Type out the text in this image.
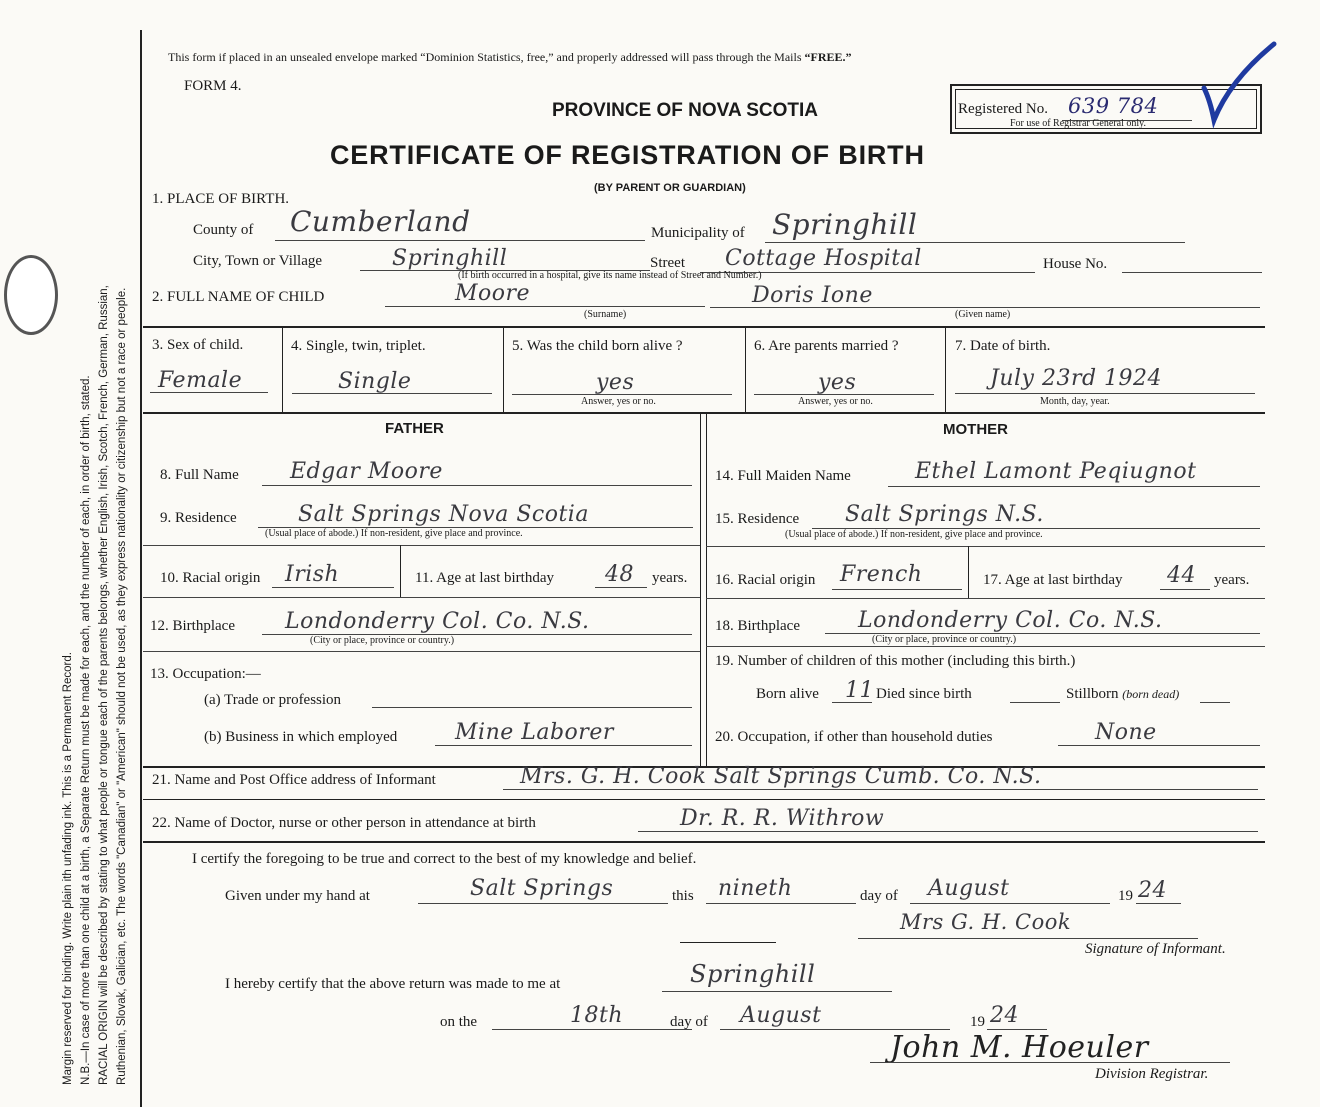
Margin reserved for binding. Write plain ith unfading ink. This is a Permanent Record. N.B.—In case of more than one child at a birth, a Separate Return must be made for each, and the number of each, in order of birth, stated. RACIAL ORIGIN will be described by stating to what people or tongue each of the parents belongs, whether English, Irish, Scotch, French, German, Russian, Ruthenian, Slovak, Galician, etc. The words "Canadian" or "American" should not be used, as they express nationality or citizenship but not a race or people.
This form if placed in an unsealed envelope marked “Dominion Statistics, free,” and properly addressed will pass through the Mails “FREE.”
FORM 4.
PROVINCE OF NOVA SCOTIA
CERTIFICATE OF REGISTRATION OF BIRTH
(BY PARENT OR GUARDIAN)
Registered No. 639 784
For use of Registrar General only.
1. PLACE OF BIRTH.
County of Cumberland	Municipality of Springhill
City, Town or Village	Springhill	Street Cottage Hospital	House No.
(If birth occurred in a hospital, give its name instead of Street and Number.)
2. FULL NAME OF CHILD	Moore	Doris Ione
(Surname)	(Given name)
3. Sex of child.
Female
4. Single, twin, triplet.
Single
5. Was the child born alive ?
yes
Answer, yes or no.
6. Are parents married ?
yes
Answer, yes or no.
7. Date of birth.
July 23rd 1924
Month, day, year.
FATHER	MOTHER
8. Full Name Edgar Moore
9. Residence	Salt Springs Nova Scotia
(Usual place of abode.) If non-resident, give place and province.
10. Racial origin Irish	11. Age at last birthday 48 years.
12. Birthplace Londonderry Col. Co. N.S.
(City or place, province or country.)
13. Occupation:—
(a) Trade or profession
(b) Business in which employed	Mine Laborer
14. Full Maiden Name	Ethel Lamont Peqiugnot
15. Residence Salt Springs N.S.
(Usual place of abode.) If non-resident, give place and province.
16. Racial origin French	17. Age at last birthday 44 years.
18. Birthplace	Londonderry Col. Co. N.S.
(City or place, province or country.)
19. Number of children of this mother (including this birth.)
Born alive 11 Died since birth	Stillborn (born dead)
20. Occupation, if other than household duties	None
21. Name and Post Office address of Informant	Mrs. G. H. Cook Salt Springs Cumb. Co. N.S.
22. Name of Doctor, nurse or other person in attendance at birth	Dr. R. R. Withrow
I certify the foregoing to be true and correct to the best of my knowledge and belief.
Given under my hand at	Salt Springs	this nineth	day of August	19 24
Mrs G. H. Cook
Signature of Informant.
I hereby certify that the above return was made to me at	Springhill
on the	18th	day of August	19 24
John M. Hoeuler
Division Registrar.
